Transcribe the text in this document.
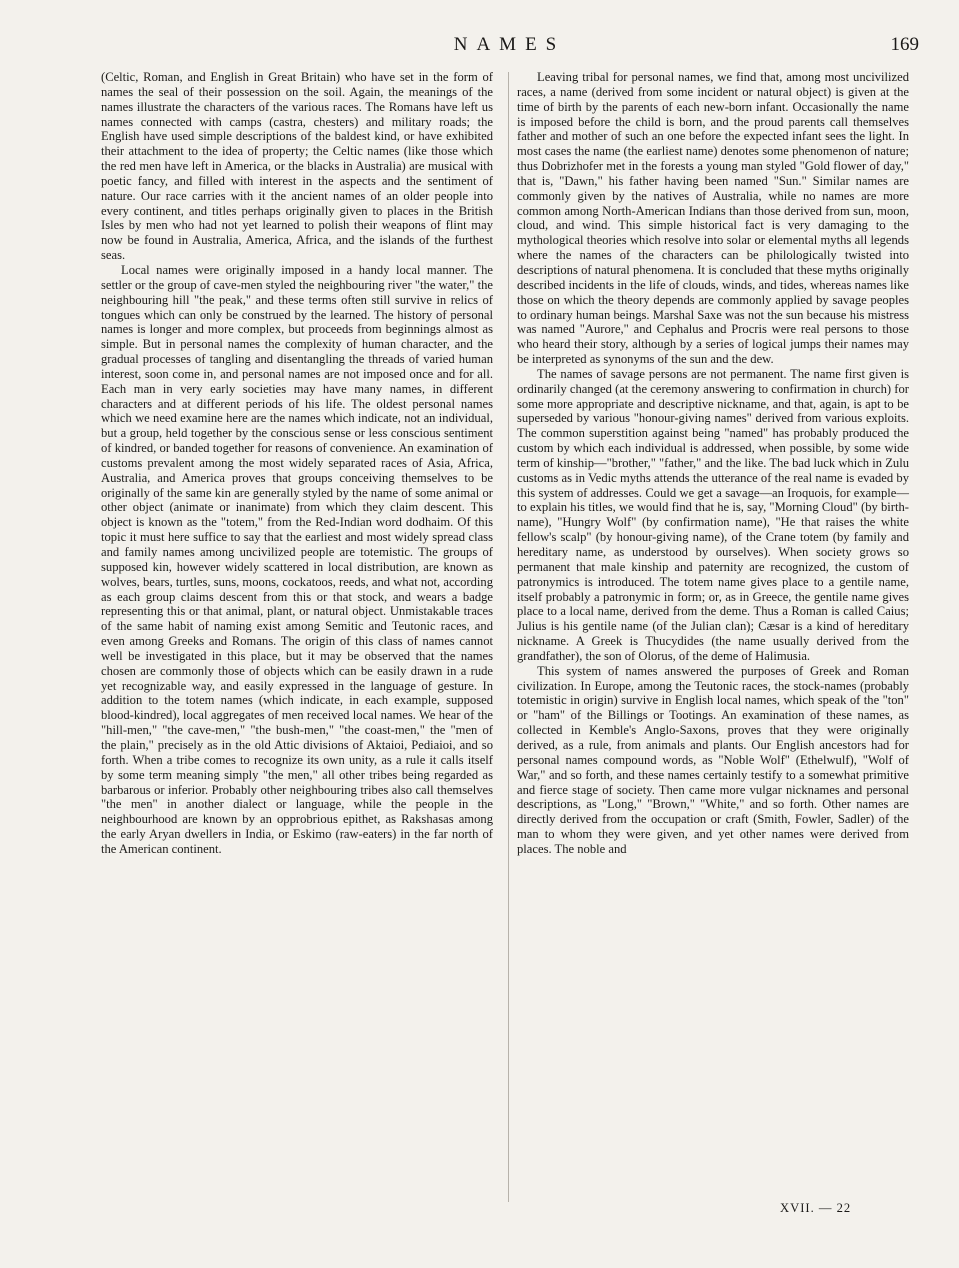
NAMES	169

(Celtic, Roman, and English in Great Britain) who have set in the form of names the seal of their possession on the soil. Again, the meanings of the names illustrate the characters of the various races. The Romans have left us names connected with camps (castra, chesters) and military roads; the English have used simple descriptions of the baldest kind, or have exhibited their attachment to the idea of property; the Celtic names (like those which the red men have left in America, or the blacks in Australia) are musical with poetic fancy, and filled with interest in the aspects and the sentiment of nature. Our race carries with it the ancient names of an older people into every continent, and titles perhaps originally given to places in the British Isles by men who had not yet learned to polish their weapons of flint may now be found in Australia, America, Africa, and the islands of the furthest seas.

Local names were originally imposed in a handy local manner. The settler or the group of cave-men styled the neighbouring river "the water," the neighbouring hill "the peak," and these terms often still survive in relics of tongues which can only be construed by the learned. The history of personal names is longer and more complex, but proceeds from beginnings almost as simple. But in personal names the complexity of human character, and the gradual processes of tangling and disentangling the threads of varied human interest, soon come in, and personal names are not imposed once and for all. Each man in very early societies may have many names, in different characters and at different periods of his life. The oldest personal names which we need examine here are the names which indicate, not an individual, but a group, held together by the conscious sense or less conscious sentiment of kindred, or banded together for reasons of convenience. An examination of customs prevalent among the most widely separated races of Asia, Africa, Australia, and America proves that groups conceiving themselves to be originally of the same kin are generally styled by the name of some animal or other object (animate or inanimate) from which they claim descent. This object is known as the "totem," from the Red-Indian word dodhaim. Of this topic it must here suffice to say that the earliest and most widely spread class and family names among uncivilized people are totemistic. The groups of supposed kin, however widely scattered in local distribution, are known as wolves, bears, turtles, suns, moons, cockatoos, reeds, and what not, according as each group claims descent from this or that stock, and wears a badge representing this or that animal, plant, or natural object. Unmistakable traces of the same habit of naming exist among Semitic and Teutonic races, and even among Greeks and Romans. The origin of this class of names cannot well be investigated in this place, but it may be observed that the names chosen are commonly those of objects which can be easily drawn in a rude yet recognizable way, and easily expressed in the language of gesture. In addition to the totem names (which indicate, in each example, supposed blood-kindred), local aggregates of men received local names. We hear of the "hill-men," "the cave-men," "the bush-men," "the coast-men," the "men of the plain," precisely as in the old Attic divisions of Aktaioi, Pediaioi, and so forth. When a tribe comes to recognize its own unity, as a rule it calls itself by some term meaning simply "the men," all other tribes being regarded as barbarous or inferior. Probably other neighbouring tribes also call themselves "the men" in another dialect or language, while the people in the neighbourhood are known by an opprobrious epithet, as Rakshasas among the early Aryan dwellers in India, or Eskimo (raw-eaters) in the far north of the American continent.

Leaving tribal for personal names, we find that, among most uncivilized races, a name (derived from some incident or natural object) is given at the time of birth by the parents of each new-born infant. Occasionally the name is imposed before the child is born, and the proud parents call themselves father and mother of such an one before the expected infant sees the light. In most cases the name (the earliest name) denotes some phenomenon of nature; thus Dobrizhofer met in the forests a young man styled "Gold flower of day," that is, "Dawn," his father having been named "Sun." Similar names are commonly given by the natives of Australia, while no names are more common among North-American Indians than those derived from sun, moon, cloud, and wind. This simple historical fact is very damaging to the mythological theories which resolve into solar or elemental myths all legends where the names of the characters can be philologically twisted into descriptions of natural phenomena. It is concluded that these myths originally described incidents in the life of clouds, winds, and tides, whereas names like those on which the theory depends are commonly applied by savage peoples to ordinary human beings. Marshal Saxe was not the sun because his mistress was named "Aurore," and Cephalus and Procris were real persons to those who heard their story, although by a series of logical jumps their names may be interpreted as synonyms of the sun and the dew.

The names of savage persons are not permanent. The name first given is ordinarily changed (at the ceremony answering to confirmation in church) for some more appropriate and descriptive nickname, and that, again, is apt to be superseded by various "honour-giving names" derived from various exploits. The common superstition against being "named" has probably produced the custom by which each individual is addressed, when possible, by some wide term of kinship—"brother," "father," and the like. The bad luck which in Zulu customs as in Vedic myths attends the utterance of the real name is evaded by this system of addresses. Could we get a savage—an Iroquois, for example—to explain his titles, we would find that he is, say, "Morning Cloud" (by birth-name), "Hungry Wolf" (by confirmation name), "He that raises the white fellow's scalp" (by honour-giving name), of the Crane totem (by family and hereditary name, as understood by ourselves). When society grows so permanent that male kinship and paternity are recognized, the custom of patronymics is introduced. The totem name gives place to a gentile name, itself probably a patronymic in form; or, as in Greece, the gentile name gives place to a local name, derived from the deme. Thus a Roman is called Caius; Julius is his gentile name (of the Julian clan); Cæsar is a kind of hereditary nickname. A Greek is Thucydides (the name usually derived from the grandfather), the son of Olorus, of the deme of Halimusia.

This system of names answered the purposes of Greek and Roman civilization. In Europe, among the Teutonic races, the stock-names (probably totemistic in origin) survive in English local names, which speak of the "ton" or "ham" of the Billings or Tootings. An examination of these names, as collected in Kemble's Anglo-Saxons, proves that they were originally derived, as a rule, from animals and plants. Our English ancestors had for personal names compound words, as "Noble Wolf" (Ethelwulf), "Wolf of War," and so forth, and these names certainly testify to a somewhat primitive and fierce stage of society. Then came more vulgar nicknames and personal descriptions, as "Long," "Brown," "White," and so forth. Other names are directly derived from the occupation or craft (Smith, Fowler, Sadler) of the man to whom they were given, and yet other names were derived from places. The noble and

XVII. — 22
